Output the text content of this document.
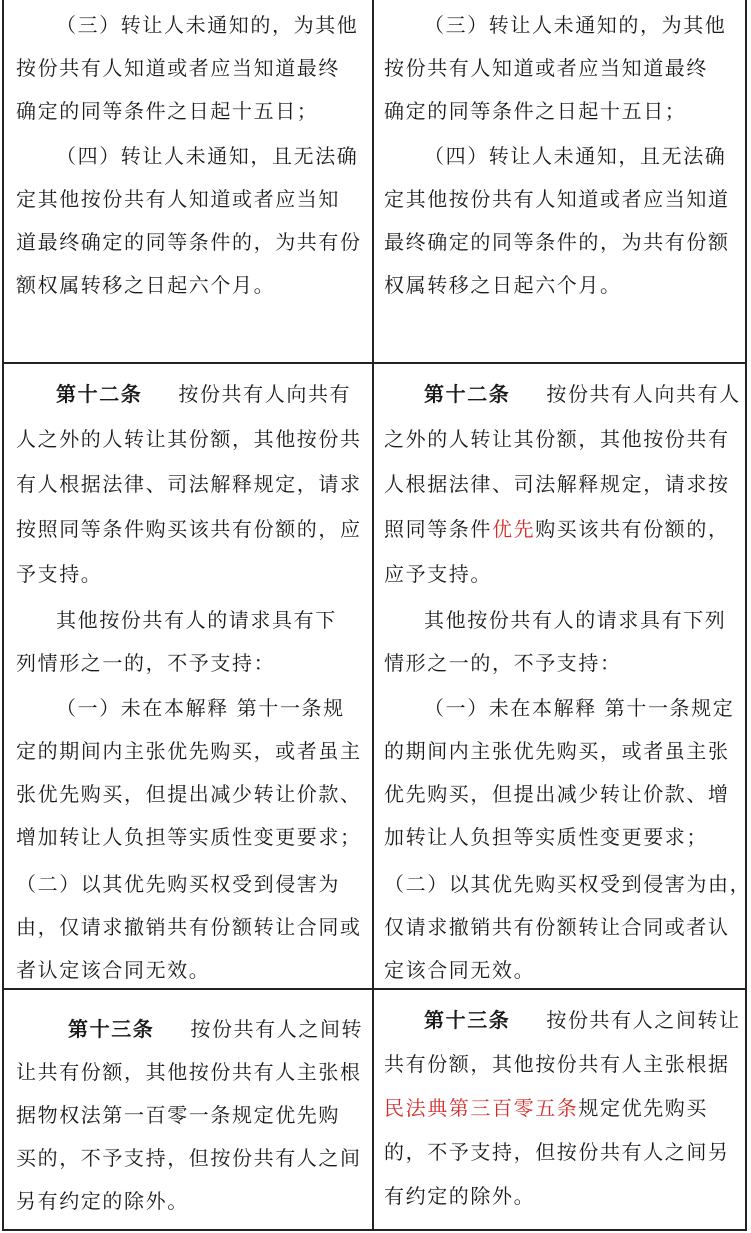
（三）转让人未通知的，为其他
按份共有人知道或者应当知道最终
确定的同等条件之日起十五日；

（四）转让人未通知，且无法确
定其他按份共有人知道或者应当知
道最终确定的同等条件的，为共有份
额权属转移之日起六个月。

（三）转让人未通知的，为其他
按份共有人知道或者应当知道最终
确定的同等条件之日起十五日；

（四）转让人未通知，且无法确
定其他按份共有人知道或者应当知道
最终确定的同等条件的，为共有份额
权属转移之日起六个月。

第十二条 按份共有人向共有
人之外的人转让其份额，其他按份共
有人根据法律、司法解释规定，请求
按照同等条件购买该共有份额的，应
予支持。

其他按份共有人的请求具有下
列情形之一的，不予支持：

（一）未在本解释 第十一条规
定的期间内主张优先购买，或者虽主
张优先购买，但提出减少转让价款、
增加转让人负担等实质性变更要求；

（二）以其优先购买权受到侵害为
由，仅请求撤销共有份额转让合同或
者认定该合同无效。

第十二条 按份共有人向共有人
之外的人转让其份额，其他按份共有
人根据法律、司法解释规定，请求按
照同等条件优先购买该共有份额的，
应予支持。

其他按份共有人的请求具有下列
情形之一的，不予支持：

（一）未在本解释 第十一条规定
的期间内主张优先购买，或者虽主张
优先购买，但提出减少转让价款、增
加转让人负担等实质性变更要求；

（二）以其优先购买权受到侵害为由，
仅请求撤销共有份额转让合同或者认
定该合同无效。

第十三条 按份共有人之间转
让共有份额，其他按份共有人主张根
据物权法第一百零一条规定优先购
买的，不予支持，但按份共有人之间
另有约定的除外。

第十三条 按份共有人之间转让
共有份额，其他按份共有人主张根据
民法典第三百零五条规定优先购买
的，不予支持，但按份共有人之间另
有约定的除外。
